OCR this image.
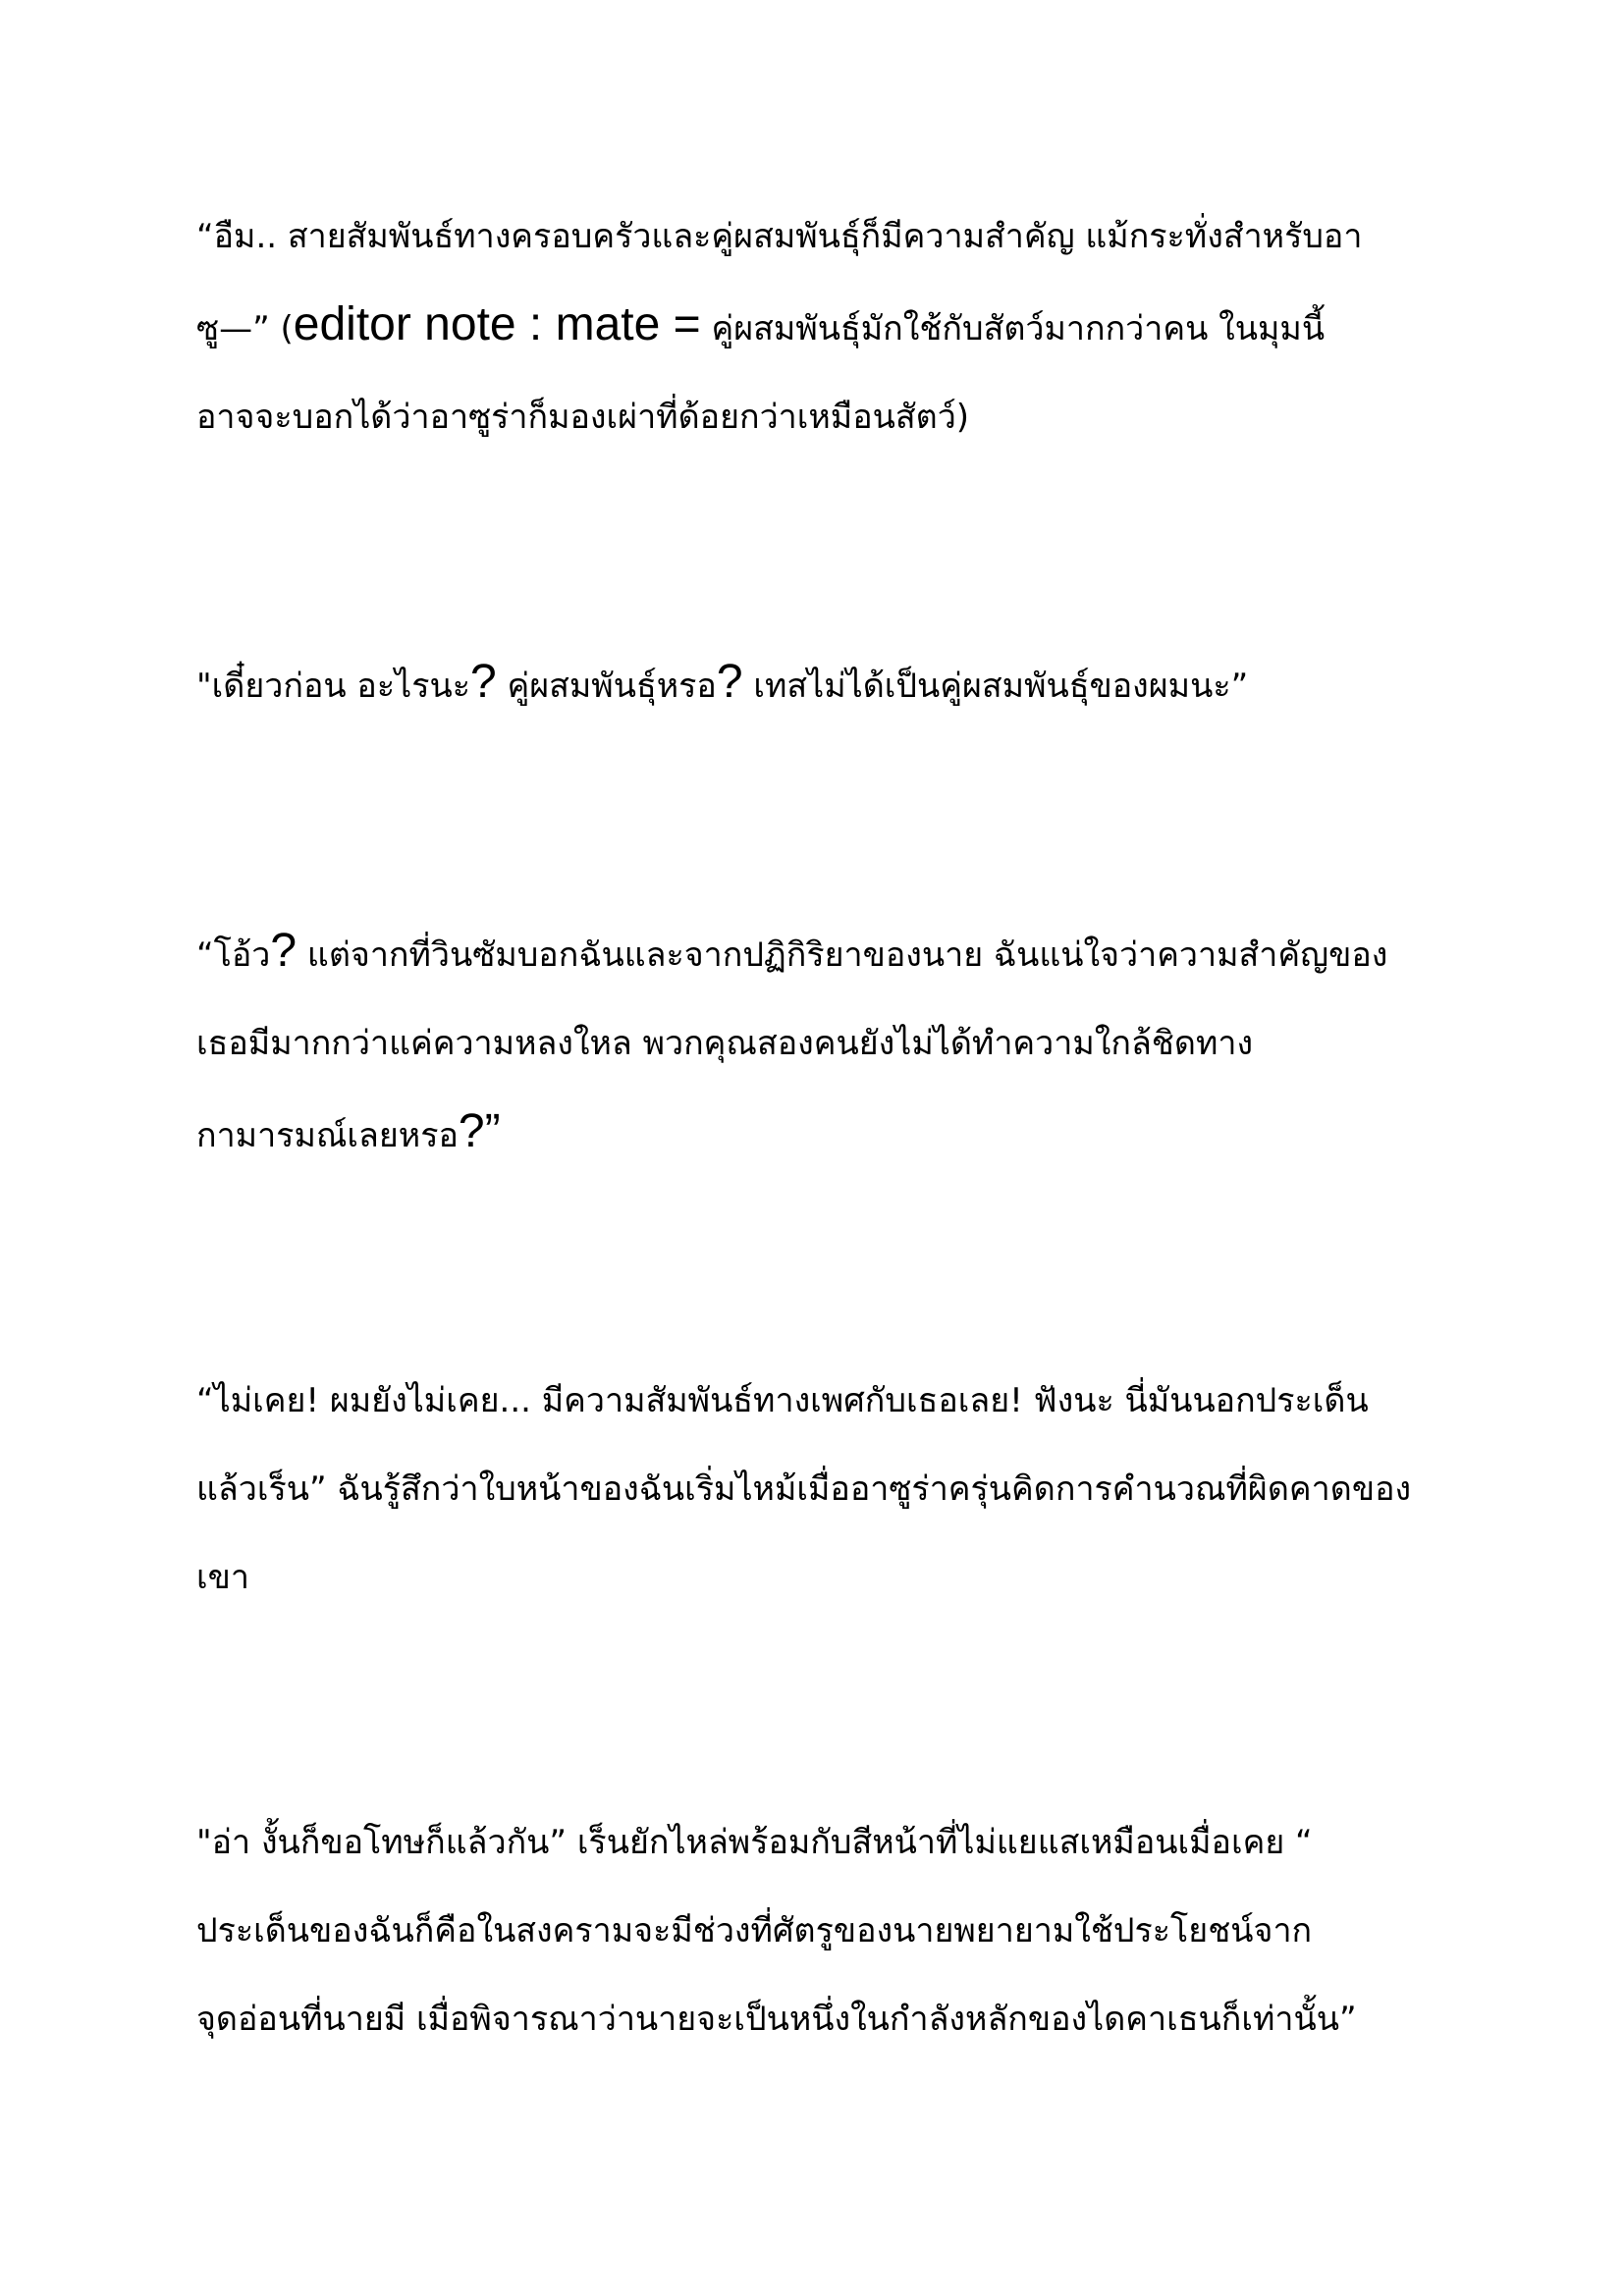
“อืม.. สายสัมพันธ์ทางครอบครัวและคู่ผสมพันธุ์ก็มีความสำคัญ แม้กระทั่งสำหรับอา
ซู—” (editor note : mate = คู่ผสมพันธุ์มักใช้กับสัตว์มากกว่าคน ในมุมนี้
อาจจะบอกได้ว่าอาซูร่าก็มองเผ่าที่ด้อยกว่าเหมือนสัตว์)
"เดี๋ยวก่อน อะไรนะ? คู่ผสมพันธุ์หรอ? เทสไม่ได้เป็นคู่ผสมพันธุ์ของผมนะ”
“โอ้ว? แต่จากที่วินซัมบอกฉันและจากปฏิกิริยาของนาย ฉันแน่ใจว่าความสำคัญของ
เธอมีมากกว่าแค่ความหลงใหล พวกคุณสองคนยังไม่ได้ทำความใกล้ชิดทาง
กามารมณ์เลยหรอ?”
“ไม่เคย! ผมยังไม่เคย... มีความสัมพันธ์ทางเพศกับเธอเลย! ฟังนะ นี่มันนอกประเด็น
แล้วเร็น” ฉันรู้สึกว่าใบหน้าของฉันเริ่มไหม้เมื่ออาซูร่าครุ่นคิดการคำนวณที่ผิดคาดของ
เขา
"อ่า งั้นก็ขอโทษก็แล้วกัน” เร็นยักไหล่พร้อมกับสีหน้าที่ไม่แยแสเหมือนเมื่อเคย “
ประเด็นของฉันก็คือในสงครามจะมีช่วงที่ศัตรูของนายพยายามใช้ประโยชน์จาก
จุดอ่อนที่นายมี เมื่อพิจารณาว่านายจะเป็นหนึ่งในกำลังหลักของไดคาเธนก็เท่านั้น”
